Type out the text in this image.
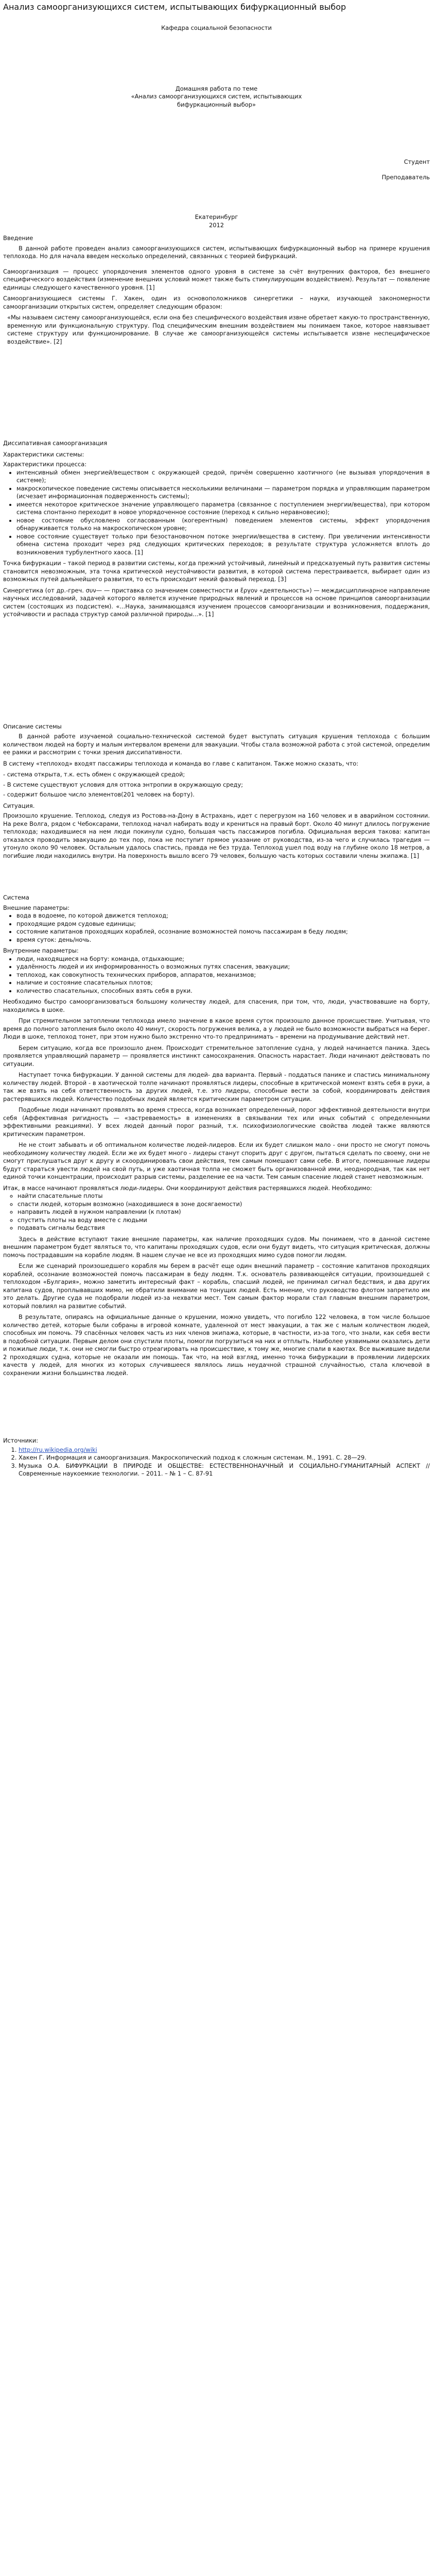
Анализ самоорганизующихся систем, испытывающих бифуркационный выбор

Кафедра социальной безопасности

Домашняя работа по теме

«Анализ самоорганизующихся систем, испытывающих

бифуркационный выбор»

Студент

Преподаватель

Екатеринбург

2012

Введение

В данной работе проведен анализ самоорганизующихся систем, испытывающих бифуркационный выбор на примере крушения теплохода. Но для начала введем несколько определений, связанных с теорией бифуркаций.

Самоорганизация — процесс упорядочения элементов одного уровня в системе за счёт внутренних факторов, без внешнего специфического воздействия (изменение внешних условий может также быть стимулирующим воздействием). Результат — появление единицы следующего качественного уровня. [1]

Самоорганизующиеся системы Г. Хакен, один из основоположников синергетики – науки, изучающей закономерности самоорганизации открытых систем, определяет следующим образом:

«Мы называем систему самоорганизующейся, если она без специфического воздействия извне обретает какую-то пространственную, временную или функциональную структуру. Под специфическим внешним воздействием мы понимаем такое, которое навязывает системе структуру или функционирование. В случае же самоорганизующейся системы испытывается извне неспецифическое воздействие». [2]

Диссипативная самоорганизация

Характеристики системы:

Характеристики процесса:

• интенсивный обмен энергией/веществом с окружающей средой, причём совершенно хаотичного (не вызывая упорядочения в системе);
• макроскопическое поведение системы описывается несколькими величинами — параметром порядка и управляющим параметром (исчезает информационная подверженность системы);
• имеется некоторое критическое значение управляющего параметра (связанное с поступлением энергии/вещества), при котором система спонтанно переходит в новое упорядоченное состояние (переход к сильно неравновесию);
• новое состояние обусловлено согласованным (когерентным) поведением элементов системы, эффект упорядочения обнаруживается только на макроскопическом уровне;
• новое состояние существует только при безостановочном потоке энергии/вещества в систему. При увеличении интенсивности обмена система проходит через ряд следующих критических переходов; в результате структура усложняется вплоть до возникновения турбулентного хаоса. [1]

Точка бифуркации – такой период в развитии системы, когда прежний устойчивый, линейный и предсказуемый путь развития системы становится невозможным, эта точка критической неустойчивости развития, в которой система перестраивается, выбирает один из возможных путей дальнейшего развития, то есть происходит некий фазовый переход. [3]

Синергетика (от др.-греч. συν— — приставка со значением совместности и ἔργον «деятельность») — междисциплинарное направление научных исследований, задачей которого является изучение природных явлений и процессов на основе принципов самоорганизации систем (состоящих из подсистем). «...Наука, занимающаяся изучением процессов самоорганизации и возникновения, поддержания, устойчивости и распада структур самой различной природы...». [1]

Описание системы

В данной работе изучаемой социально-технической системой будет выступать ситуация крушения теплохода с большим количеством людей на борту и малым интервалом времени для эвакуации. Чтобы стала возможной работа с этой системой, определим ее рамки и рассмотрим с точки зрения диссипативности.

В систему «теплоход» входят пассажиры теплохода и команда во главе с капитаном. Также можно сказать, что:

- система открыта, т.к. есть обмен с окружающей средой;

- В системе существуют условия для оттока энтропии в окружающую среду;

- содержит большое число элементов(201 человек на борту).

Ситуация.

Произошло крушение. Теплоход, следуя из Ростова-на-Дону в Астрахань, идет с перегрузом на 160 человек и в аварийном состоянии. На реке Волга, рядом с Чебоксарами, теплоход начал набирать воду и крениться на правый борт. Около 40 минут длилось погружение теплохода; находившиеся на нем люди покинули судно, большая часть пассажиров погибла. Официальная версия такова: капитан отказался проводить эвакуацию до тех пор, пока не поступит прямое указание от руководства, из-за чего и случилась трагедия — утонуло около 90 человек. Остальным удалось спастись, правда не без труда. Теплоход ушел под воду на глубине около 18 метров, а погибшие люди находились внутри. На поверхность вышло всего 79 человек, большую часть которых составили члены экипажа. [1]

Система

Внешние параметры:

• вода в водоеме, по которой движется теплоход;
• проходящие рядом судовые единицы;
• состояние капитанов проходящих кораблей, осознание возможностей помочь пассажирам в беду людям;
• время суток: день/ночь.

Внутренние параметры:

• люди, находящиеся на борту: команда, отдыхающие;
• удалённость людей и их информированность о возможных путях спасения, эвакуации;
• теплоход, как совокупность технических приборов, аппаратов, механизмов;
• наличие и состояние спасательных плотов;
• количество спасательных, способных взять себя в руки.

Необходимо быстро самоорганизоваться большому количеству людей, для спасения, при том, что, люди, участвовавшие на борту, находились в шоке.

При стремительном затоплении теплохода имело значение в какое время суток произошло данное происшествие. Учитывая, что время до полного затопления было около 40 минут, скорость погружения велика, а у людей не было возможности выбраться на берег. Люди в шоке, теплоход тонет, при этом нужно было экстренно что-то предпринимать – времени на продумывание действий нет.

Берем ситуацию, когда все произошло днем. Происходит стремительное затопление судна, у людей начинается паника. Здесь проявляется управляющий параметр — проявляется инстинкт самосохранения. Опасность нарастает. Люди начинают действовать по ситуации.

Наступает точка бифуркации. У данной системы для людей- два варианта. Первый - поддаться панике и спастись минимальному количеству людей. Второй - в хаотической толпе начинают проявляться лидеры, способные в критической момент взять себя в руки, а так же взять на себя ответственность за других людей, т.е. это лидеры, способные вести за собой, координировать действия растерявшихся людей. Количество подобных людей является критическим параметром ситуации.

Подобные люди начинают проявлять во время стресса, когда возникает определенный, порог эффективной деятельности внутри себя (Аффективная ригидность — «застреваемость» в изменениях в связывании тех или иных событий с определенными эффективными реакциями). У всех людей данный порог разный, т.к. психофизиологические свойства людей также являются критическим параметром.

Не не стоит забывать и об оптимальном количестве людей-лидеров. Если их будет слишком мало - они просто не смогут помочь необходимому количеству людей. Если же их будет много - лидеры станут спорить друг с другом, пытаться сделать по своему, они не смогут прислушаться друг к другу и скоординировать свои действия, тем самым помешают сами себе. В итоге, помешанные лидеры будут стараться увести людей на свой путь, и уже хаотичная толпа не сможет быть организованной ими, неоднородная, так как нет единой точки концентрации, происходит разрыв системы, разделение ее на части. Тем самым спасение людей станет невозможным.

Итак, в массе начинают проявляться люди-лидеры. Они координируют действия растерявшихся людей. Необходимо:

◦ найти спасательные плоты
◦ спасти людей, которым возможно (находившиеся в зоне досягаемости)
◦ направить людей в нужном направлении (к плотам)
◦ спустить плоты на воду вместе с людьми
◦ подавать сигналы бедствия

Здесь в действие вступают такие внешние параметры, как наличие проходящих судов. Мы понимаем, что в данной системе внешним параметром будет являться то, что капитаны проходящих судов, если они будут видеть, что ситуация критическая, должны помочь пострадавшим на корабле людям. В нашем случае не все из проходящих мимо судов помогли людям.

Если же сценарий произошедшего корабля мы берем в расчёт еще один внешний параметр – состояние капитанов проходящих кораблей, осознание возможностей помочь пассажирам в беду людям. Т.к. основатель развивающейся ситуации, произошедшей с теплоходом «Булгария», можно заметить интересный факт – корабль, спасший людей, не принимал сигнал бедствия, и два других капитана судов, проплывавших мимо, не обратили внимание на тонущих людей. Есть мнение, что руководство флотом запретило им это делать. Другие суда не подобрали людей из-за нехватки мест. Тем самым фактор морали стал главным внешним параметром, который повлиял на развитие событий.

В результате, опираясь на официальные данные о крушении, можно увидеть, что погибло 122 человека, в том числе большое количество детей, которые были собраны в игровой комнате, удаленной от мест эвакуации, а так же с малым количеством людей, способных им помочь. 79 спасённых человек часть из них членов экипажа, которые, в частности, из-за того, что знали, как себя вести в подобной ситуации. Первым делом они спустили плоты, помогли погрузиться на них и отплыть. Наиболее уязвимыми оказались дети и пожилые люди, т.к. они не смогли быстро отреагировать на происшествие, к тому же, многие спали в каютах. Все выжившие видели 2 проходящих судна, которые не оказали им помощь. Так что, на мой взгляд, именно точка бифуркации в проявлении лидерских качеств у людей, для многих из которых случившееся являлось лишь неудачной страшной случайностью, стала ключевой в сохранении жизни большинства людей.

Источники:

1. http://ru.wikipedia.org/wiki
2. Хакен Г. Информация и самоорганизация. Макроскопический подход к сложным системам. М., 1991. С. 28—29.
3. Музыка О.А. БИФУРКАЦИИ В ПРИРОДЕ И ОБЩЕСТВЕ: ЕСТЕСТВЕННОНАУЧНЫЙ И СОЦИАЛЬНО-ГУМАНИТАРНЫЙ АСПЕКТ // Современные наукоемкие технологии. – 2011. – № 1 – С. 87-91
